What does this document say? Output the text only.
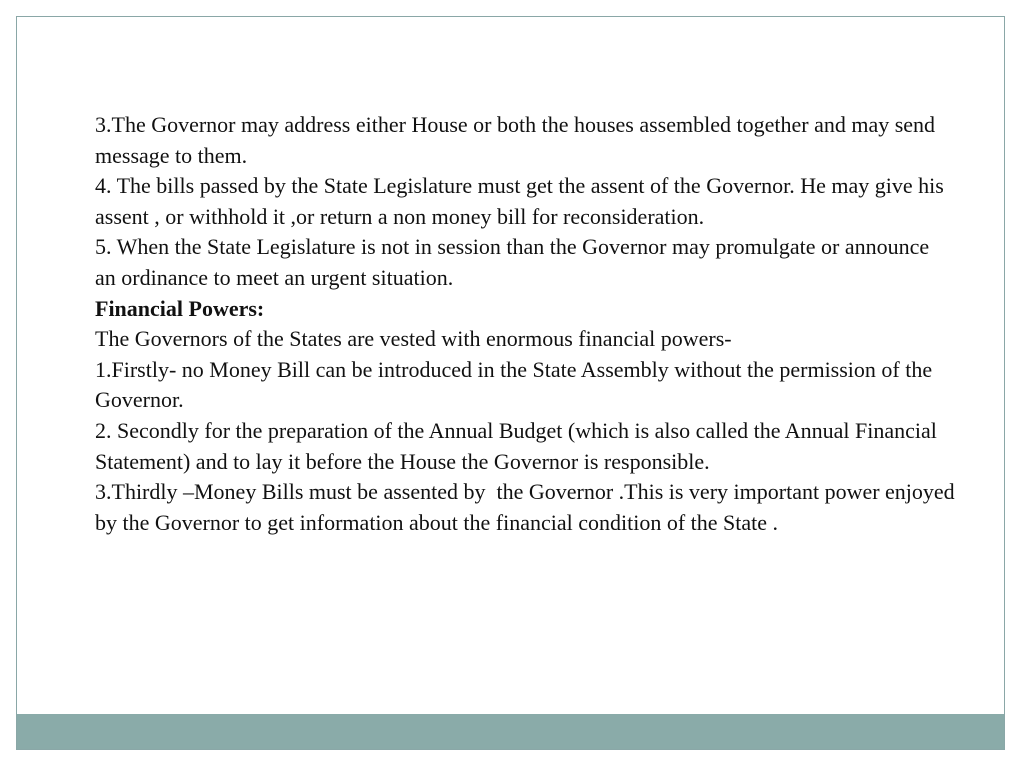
3.The Governor may address either House or both the houses assembled together and may send message to them.

4. The bills passed by the State Legislature must get the assent of the Governor. He may give his assent , or withhold it ,or return a non money bill for reconsideration.

5. When the State Legislature is not in session than the Governor may promulgate or announce an ordinance to meet an urgent situation.

Financial Powers:

The Governors of the States are vested with enormous financial powers-

1.Firstly- no Money Bill can be introduced in the State Assembly without the permission of the Governor.

2. Secondly for the preparation of the Annual Budget (which is also called the Annual Financial Statement) and to lay it before the House the Governor is responsible.

3.Thirdly –Money Bills must be assented by  the Governor .This is very important power enjoyed by the Governor to get information about the financial condition of the State .
